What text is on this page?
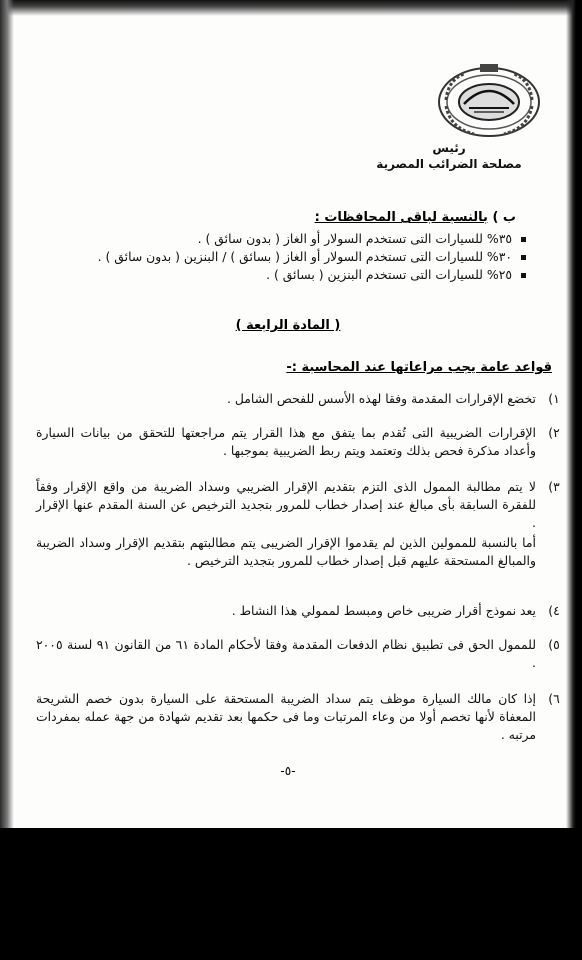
رئيس
مصلحة الضرائب المصرية
ب ) بالنسبة لباقى المحافظات :
٣٥% للسيارات التى تستخدم السولار أو الغاز ( بدون سائق ) .
٣٠% للسيارات التى تستخدم السولار أو الغاز ( بسائق ) / البنزين ( بدون سائق ) .
٢٥% للسيارات التى تستخدم البنزين ( بسائق ) .
( المادة الرابعة )
قواعد عامة يجب مراعاتها عند المحاسبة :-
١)
تخضع الإقرارات المقدمة وفقا لهذه الأسس للفحص الشامل .
٢)
الإقرارات الضريبية التى تُقدم بما يتفق مع هذا القرار يتم مراجعتها للتحقق من بيانات السيارة وأعداد مذكرة فحص بذلك وتعتمد ويتم ربط الضريبية بموجبها .
٣)
لا يتم مطالبة الممول الذى التزم بتقديم الإقرار الضريبي وسداد الضريبة من واقع الإقرار وفقاً للفقرة السابقة بأى مبالغ عند إصدار خطاب للمرور بتجديد الترخيص عن السنة المقدم عنها الإقرار .
أما بالنسبة للممولين الذين لم يقدموا الإقرار الضريبى يتم مطالبتهم بتقديم الإقرار وسداد الضريبة والمبالغ المستحقة عليهم قبل إصدار خطاب للمرور بتجديد الترخيص .
٤)
يعد نموذج أقرار ضريبى خاص ومبسط لممولي هذا النشاط .
٥)
للممول الحق فى تطبيق نظام الدفعات المقدمة وفقا لأحكام المادة ٦١ من القانون ٩١ لسنة ٢٠٠٥ .
٦)
إذا كان مالك السيارة موظف يتم سداد الضريبة المستحقة على السيارة بدون خصم الشريحة المعفاة لأنها تخصم أولا من وعاء المرتبات وما فى حكمها بعد تقديم شهادة من جهة عمله بمفردات مرتبه .
-٥-
